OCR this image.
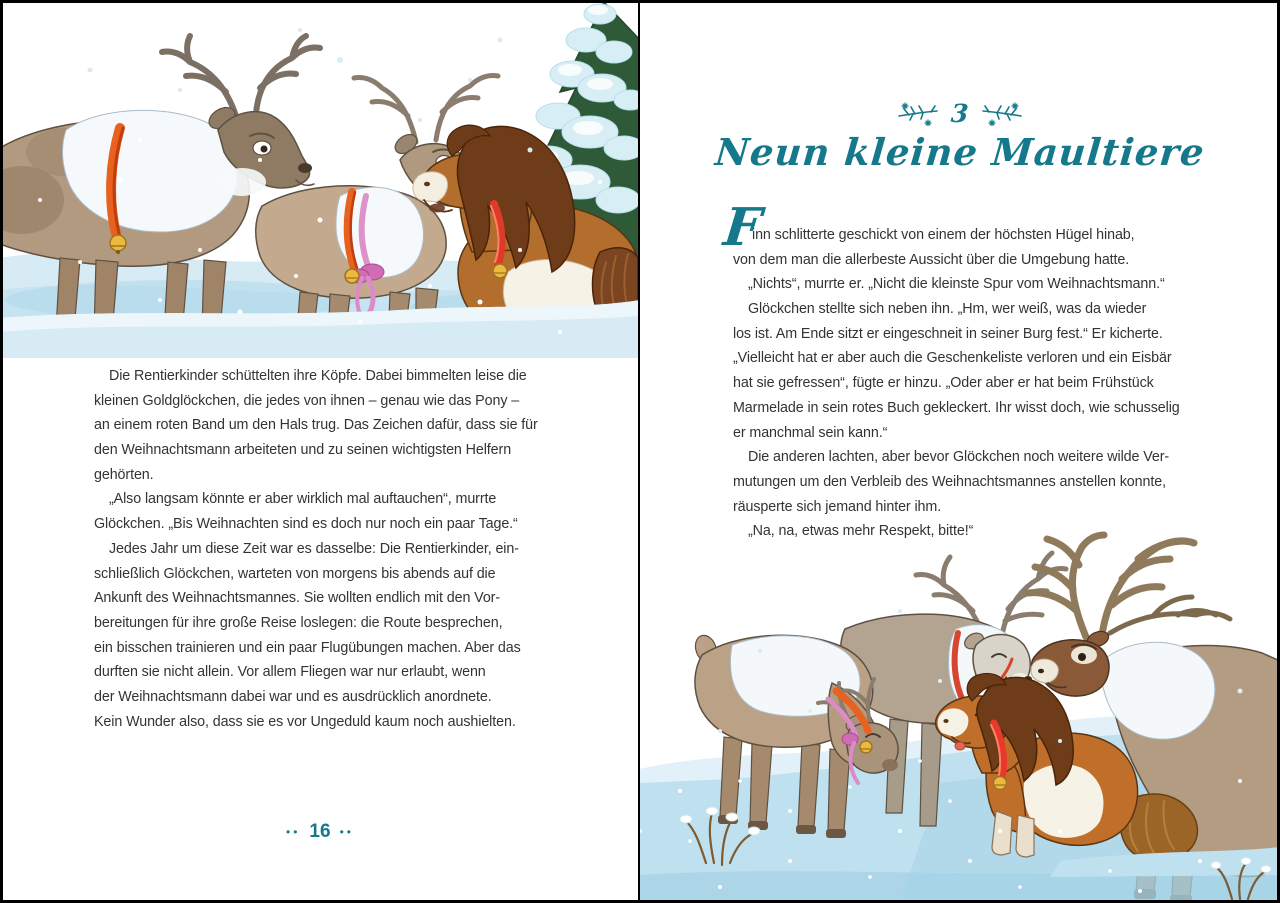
Die Rentierkinder schüttelten ihre Köpfe. Dabei bimmelten leise die
kleinen Goldglöckchen, die jedes von ihnen – genau wie das Pony –
an einem roten Band um den Hals trug. Das Zeichen dafür, dass sie für
den Weihnachtsmann arbeiteten und zu seinen wichtigsten Helfern
gehörten.
„Also langsam könnte er aber wirklich mal auftauchen“, murrte
Glöckchen. „Bis Weihnachten sind es doch nur noch ein paar Tage.“
Jedes Jahr um diese Zeit war es dasselbe: Die Rentierkinder, ein-
schließlich Glöckchen, warteten von morgens bis abends auf die
Ankunft des Weihnachtsmannes. Sie wollten endlich mit den Vor-
bereitungen für ihre große Reise loslegen: die Route besprechen,
ein bisschen trainieren und ein paar Flugübungen machen. Aber das
durften sie nicht allein. Vor allem Fliegen war nur erlaubt, wenn
der Weihnachtsmann dabei war und es ausdrücklich anordnete.
Kein Wunder also, dass sie es vor Ungeduld kaum noch aushielten.
•• 16 ••
3
Neun kleine Maultiere
F
inn schlitterte geschickt von einem der höchsten Hügel hinab,
von dem man die allerbeste Aussicht über die Umgebung hatte.
„Nichts“, murrte er. „Nicht die kleinste Spur vom Weihnachtsmann.“
Glöckchen stellte sich neben ihn. „Hm, wer weiß, was da wieder
los ist. Am Ende sitzt er eingeschneit in seiner Burg fest.“ Er kicherte.
„Vielleicht hat er aber auch die Geschenkeliste verloren und ein Eisbär
hat sie gefressen“, fügte er hinzu. „Oder aber er hat beim Frühstück
Marmelade in sein rotes Buch gekleckert. Ihr wisst doch, wie schusselig
er manchmal sein kann.“
Die anderen lachten, aber bevor Glöckchen noch weitere wilde Ver-
mutungen um den Verbleib des Weihnachtsmannes anstellen konnte,
räusperte sich jemand hinter ihm.
„Na, na, etwas mehr Respekt, bitte!“
